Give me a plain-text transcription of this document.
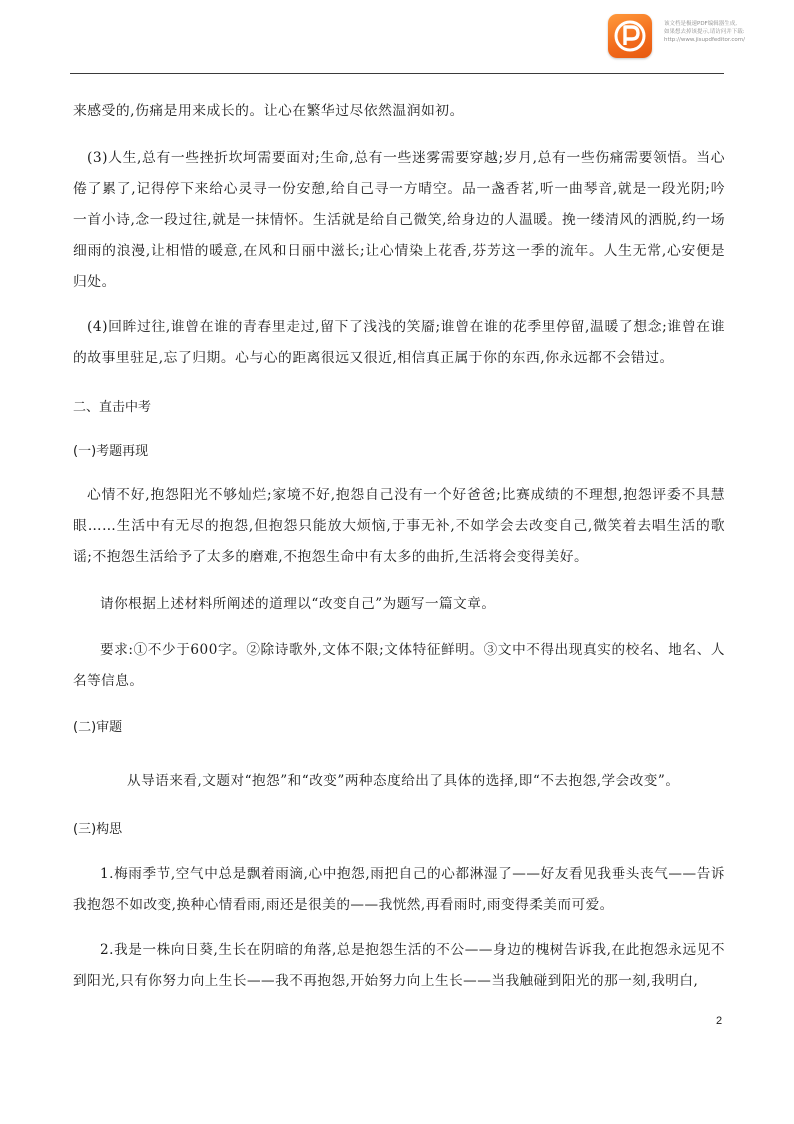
该文档是极速PDF编辑器生成,
如果想去掉该提示,请访问并下载:
http://www.jisupdfeditor.com/
来感受的,伤痛是用来成长的。让心在繁华过尽依然温润如初。
(3)人生,总有一些挫折坎坷需要面对;生命,总有一些迷雾需要穿越;岁月,总有一些伤痛需要领悟。当心倦了累了,记得停下来给心灵寻一份安憩,给自己寻一方晴空。品一盏香茗,听一曲琴音,就是一段光阴;吟一首小诗,念一段过往,就是一抹情怀。生活就是给自己微笑,给身边的人温暖。挽一缕清风的洒脱,约一场细雨的浪漫,让相惜的暖意,在风和日丽中滋长;让心情染上花香,芬芳这一季的流年。人生无常,心安便是归处。
(4)回眸过往,谁曾在谁的青春里走过,留下了浅浅的笑靥;谁曾在谁的花季里停留,温暖了想念;谁曾在谁的故事里驻足,忘了归期。心与心的距离很远又很近,相信真正属于你的东西,你永远都不会错过。
二、直击中考
(一)考题再现
心情不好,抱怨阳光不够灿烂;家境不好,抱怨自己没有一个好爸爸;比赛成绩的不理想,抱怨评委不具慧眼……生活中有无尽的抱怨,但抱怨只能放大烦恼,于事无补,不如学会去改变自己,微笑着去唱生活的歌谣;不抱怨生活给予了太多的磨难,不抱怨生命中有太多的曲折,生活将会变得美好。
请你根据上述材料所阐述的道理以“改变自己”为题写一篇文章。
要求:①不少于600字。②除诗歌外,文体不限;文体特征鲜明。③文中不得出现真实的校名、地名、人名等信息。
(二)审题
从导语来看,文题对“抱怨”和“改变”两种态度给出了具体的选择,即“不去抱怨,学会改变”。
(三)构思
1.梅雨季节,空气中总是飘着雨滴,心中抱怨,雨把自己的心都淋湿了——好友看见我垂头丧气——告诉我抱怨不如改变,换种心情看雨,雨还是很美的——我恍然,再看雨时,雨变得柔美而可爱。
2.我是一株向日葵,生长在阴暗的角落,总是抱怨生活的不公——身边的槐树告诉我,在此抱怨永远见不到阳光,只有你努力向上生长——我不再抱怨,开始努力向上生长——当我触碰到阳光的那一刻,我明白,
2
